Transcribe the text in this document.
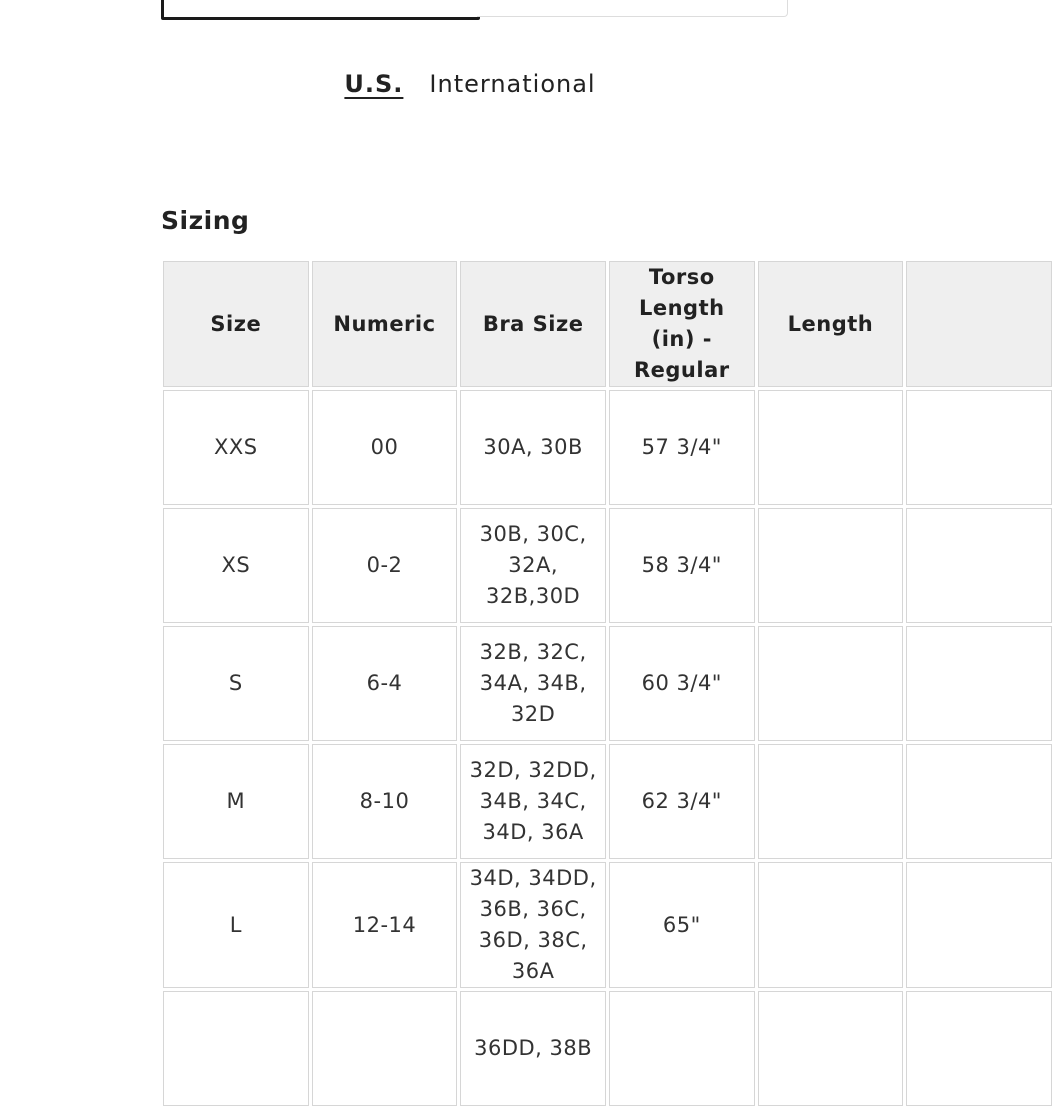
U.S. International
Sizing
Size	Numeric	Bra Size	Torso Length (in) - Regular	Length	
XXS	00	30A, 30B	57 3/4"		
XS	0-2	30B, 30C, 32A, 32B,30D	58 3/4"		
S	6-4	32B, 32C, 34A, 34B, 32D	60 3/4"		
M	8-10	32D, 32DD, 34B, 34C, 34D, 36A	62 3/4"		
L	12-14	34D, 34DD, 36B, 36C, 36D, 38C, 36A	65"		
		36DD, 38B			
